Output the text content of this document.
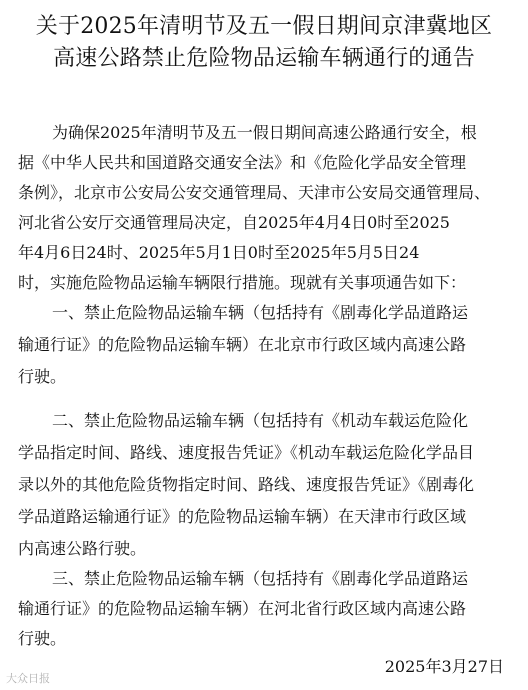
关于2025年清明节及五一假日期间京津冀地区
高速公路禁止危险物品运输车辆通行的通告
为确保2025年清明节及五一假日期间高速公路通行安全，根
据《中华人民共和国道路交通安全法》和《危险化学品安全管理
条例》，北京市公安局公安交通管理局、天津市公安局交通管理局、
河北省公安厅交通管理局决定，自2025年4月4日0时至2025
年4月6日24时、2025年5月1日0时至2025年5月5日24
时，实施危险物品运输车辆限行措施。现就有关事项通告如下：
一、禁止危险物品运输车辆（包括持有《剧毒化学品道路运
输通行证》的危险物品运输车辆）在北京市行政区域内高速公路
行驶。
二、禁止危险物品运输车辆（包括持有《机动车载运危险化
学品指定时间、路线、速度报告凭证》《机动车载运危险化学品目
录以外的其他危险货物指定时间、路线、速度报告凭证》《剧毒化
学品道路运输通行证》的危险物品运输车辆）在天津市行政区域
内高速公路行驶。
三、禁止危险物品运输车辆（包括持有《剧毒化学品道路运
输通行证》的危险物品运输车辆）在河北省行政区域内高速公路
行驶。
2025年3月27日
大众日报
